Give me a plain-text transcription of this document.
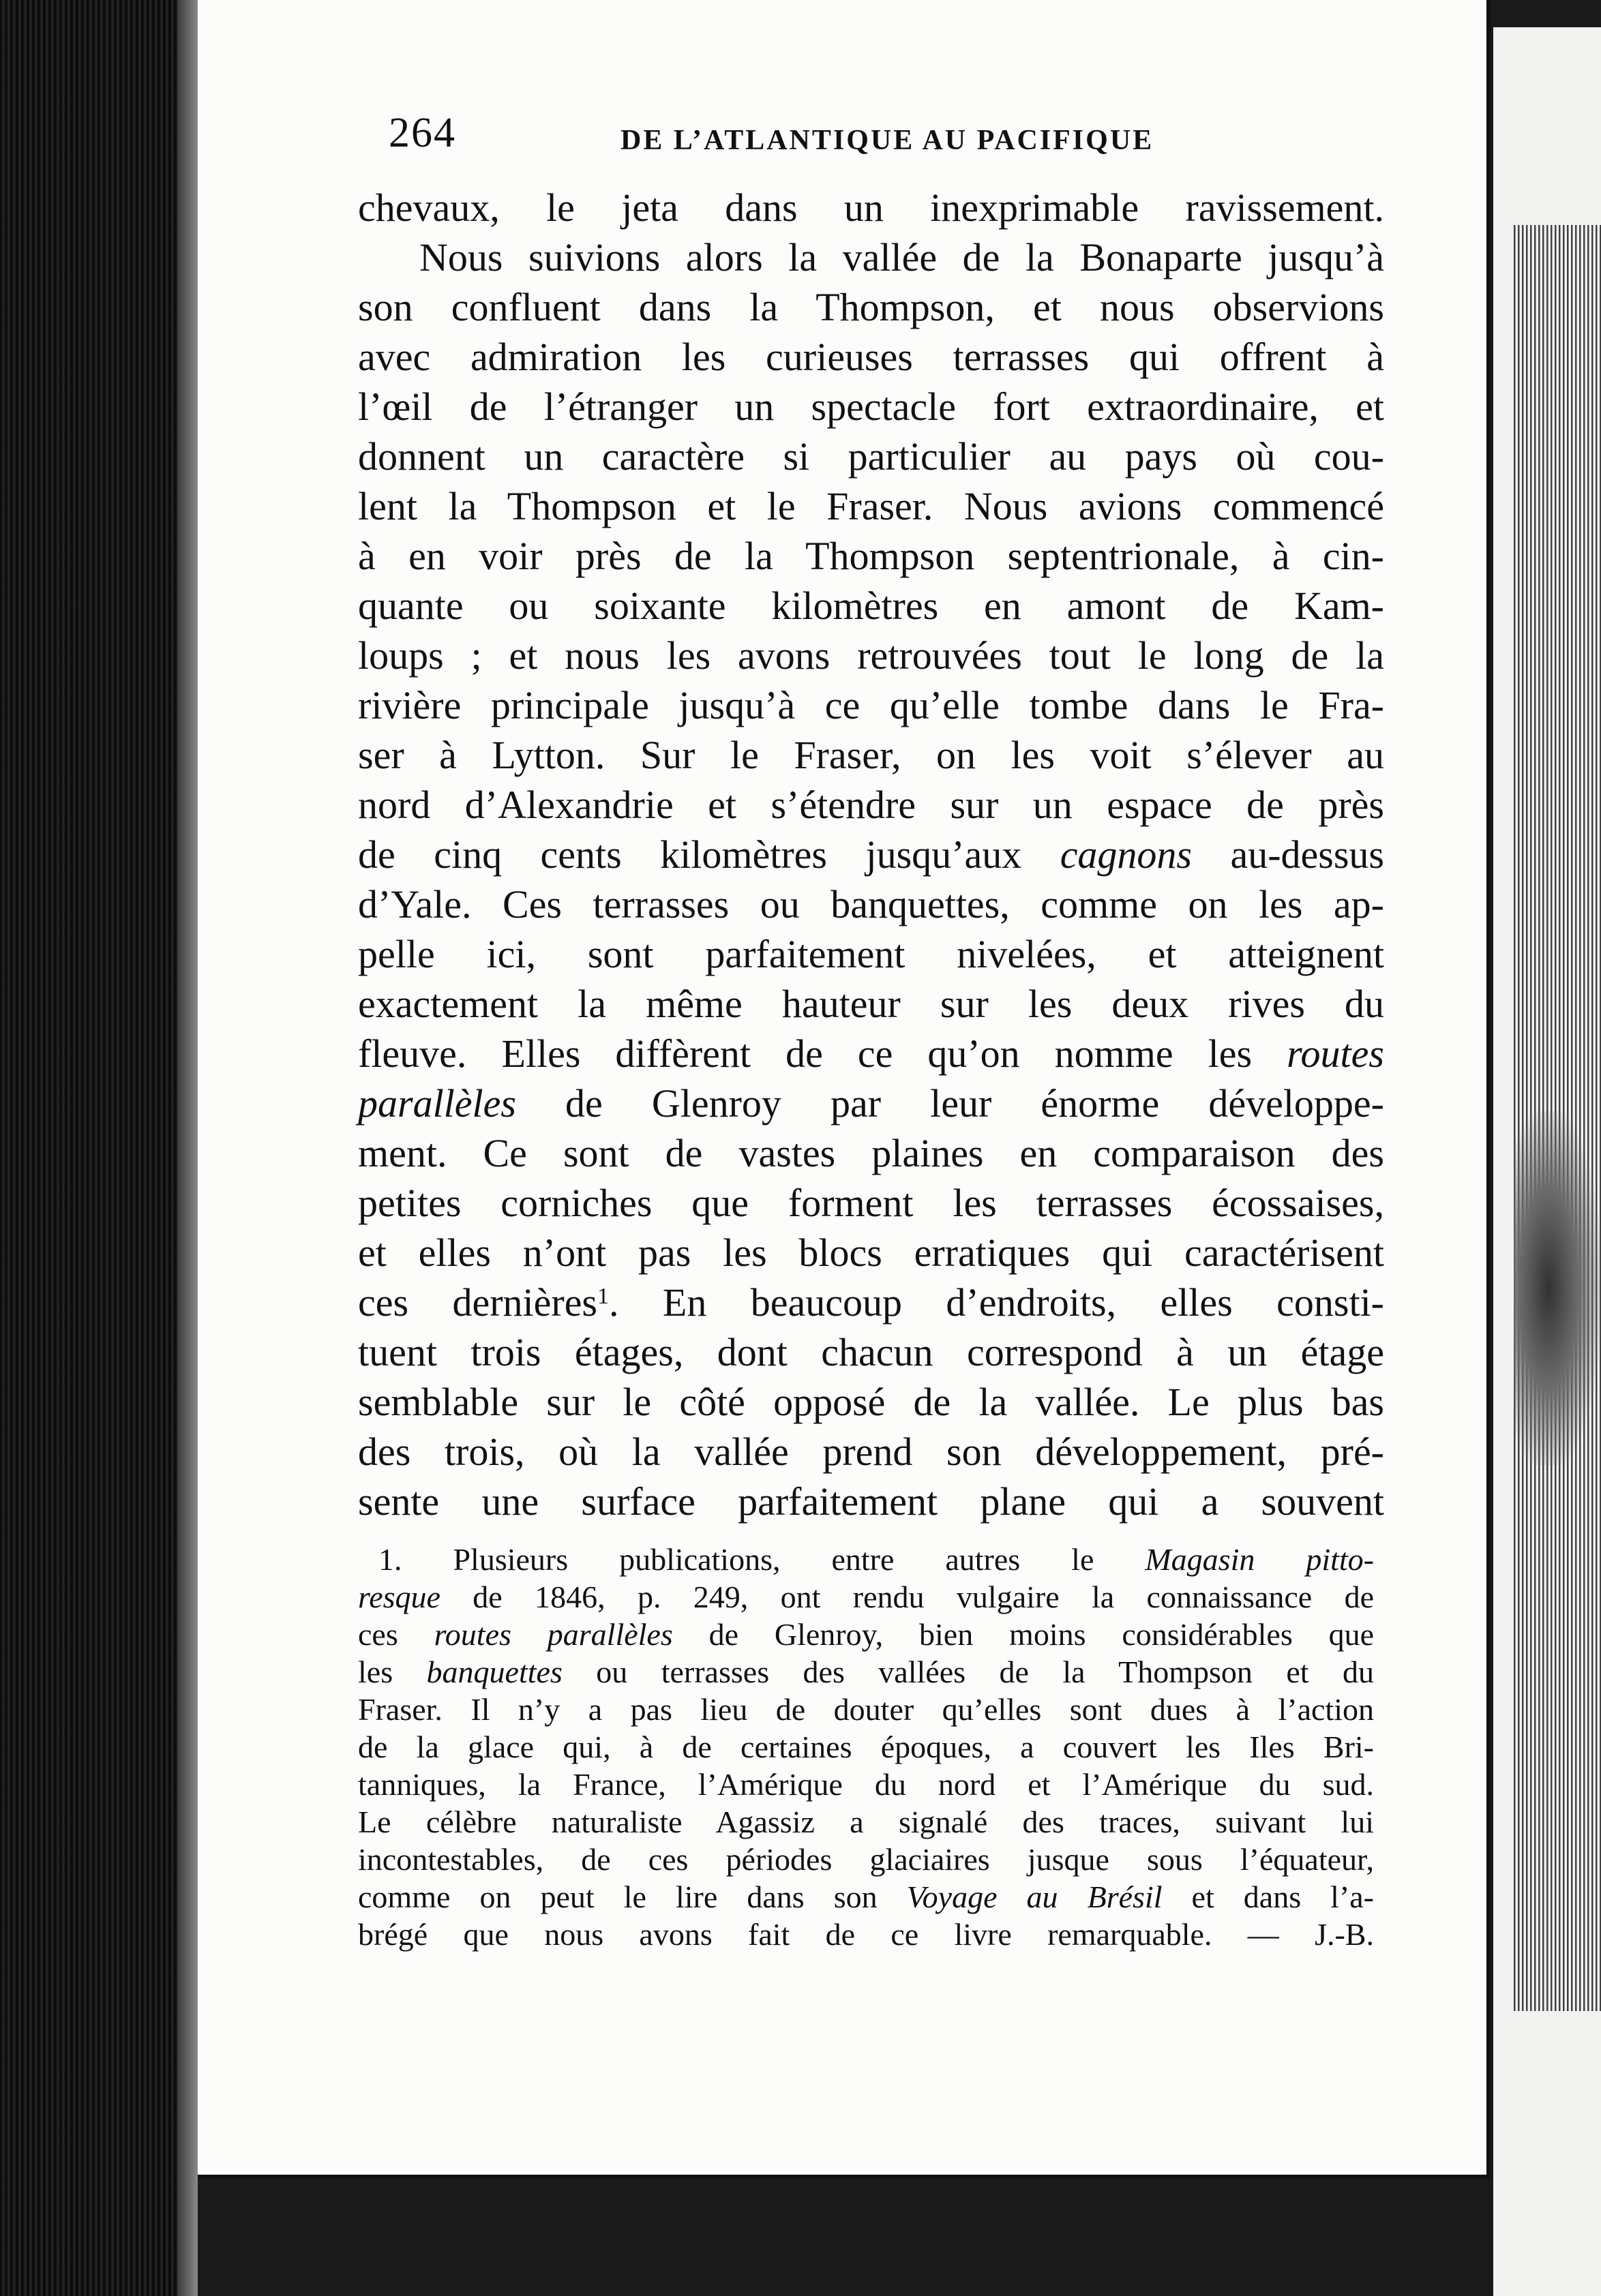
264	DE L’ATLANTIQUE AU PACIFIQUE
chevaux, le jeta dans un inexprimable ravissement.
Nous suivions alors la vallée de la Bonaparte jusqu’à
son confluent dans la Thompson, et nous observions
avec admiration les curieuses terrasses qui offrent à
l’œil de l’étranger un spectacle fort extraordinaire, et
donnent un caractère si particulier au pays où cou-
lent la Thompson et le Fraser. Nous avions commencé
à en voir près de la Thompson septentrionale, à cin-
quante ou soixante kilomètres en amont de Kam-
loups ; et nous les avons retrouvées tout le long de la
rivière principale jusqu’à ce qu’elle tombe dans le Fra-
ser à Lytton. Sur le Fraser, on les voit s’élever au
nord d’Alexandrie et s’étendre sur un espace de près
de cinq cents kilomètres jusqu’aux cagnons au-dessus
d’Yale. Ces terrasses ou banquettes, comme on les ap-
pelle ici, sont parfaitement nivelées, et atteignent
exactement la même hauteur sur les deux rives du
fleuve. Elles diffèrent de ce qu’on nomme les routes
parallèles de Glenroy par leur énorme développe-
ment. Ce sont de vastes plaines en comparaison des
petites corniches que forment les terrasses écossaises,
et elles n’ont pas les blocs erratiques qui caractérisent
ces dernières$^1$. En beaucoup d’endroits, elles consti-
tuent trois étages, dont chacun correspond à un étage
semblable sur le côté opposé de la vallée. Le plus bas
des trois, où la vallée prend son développement, pré-
sente une surface parfaitement plane qui a souvent
1. Plusieurs publications, entre autres le Magasin pitto-
resque de 1846, p. 249, ont rendu vulgaire la connaissance de
ces routes parallèles de Glenroy, bien moins considérables que
les banquettes ou terrasses des vallées de la Thompson et du
Fraser. Il n’y a pas lieu de douter qu’elles sont dues à l’action
de la glace qui, à de certaines époques, a couvert les Iles Bri-
tanniques, la France, l’Amérique du nord et l’Amérique du sud.
Le célèbre naturaliste Agassiz a signalé des traces, suivant lui
incontestables, de ces périodes glaciaires jusque sous l’équateur,
comme on peut le lire dans son Voyage au Brésil et dans l’a-
brégé que nous avons fait de ce livre remarquable. — J.-B.
